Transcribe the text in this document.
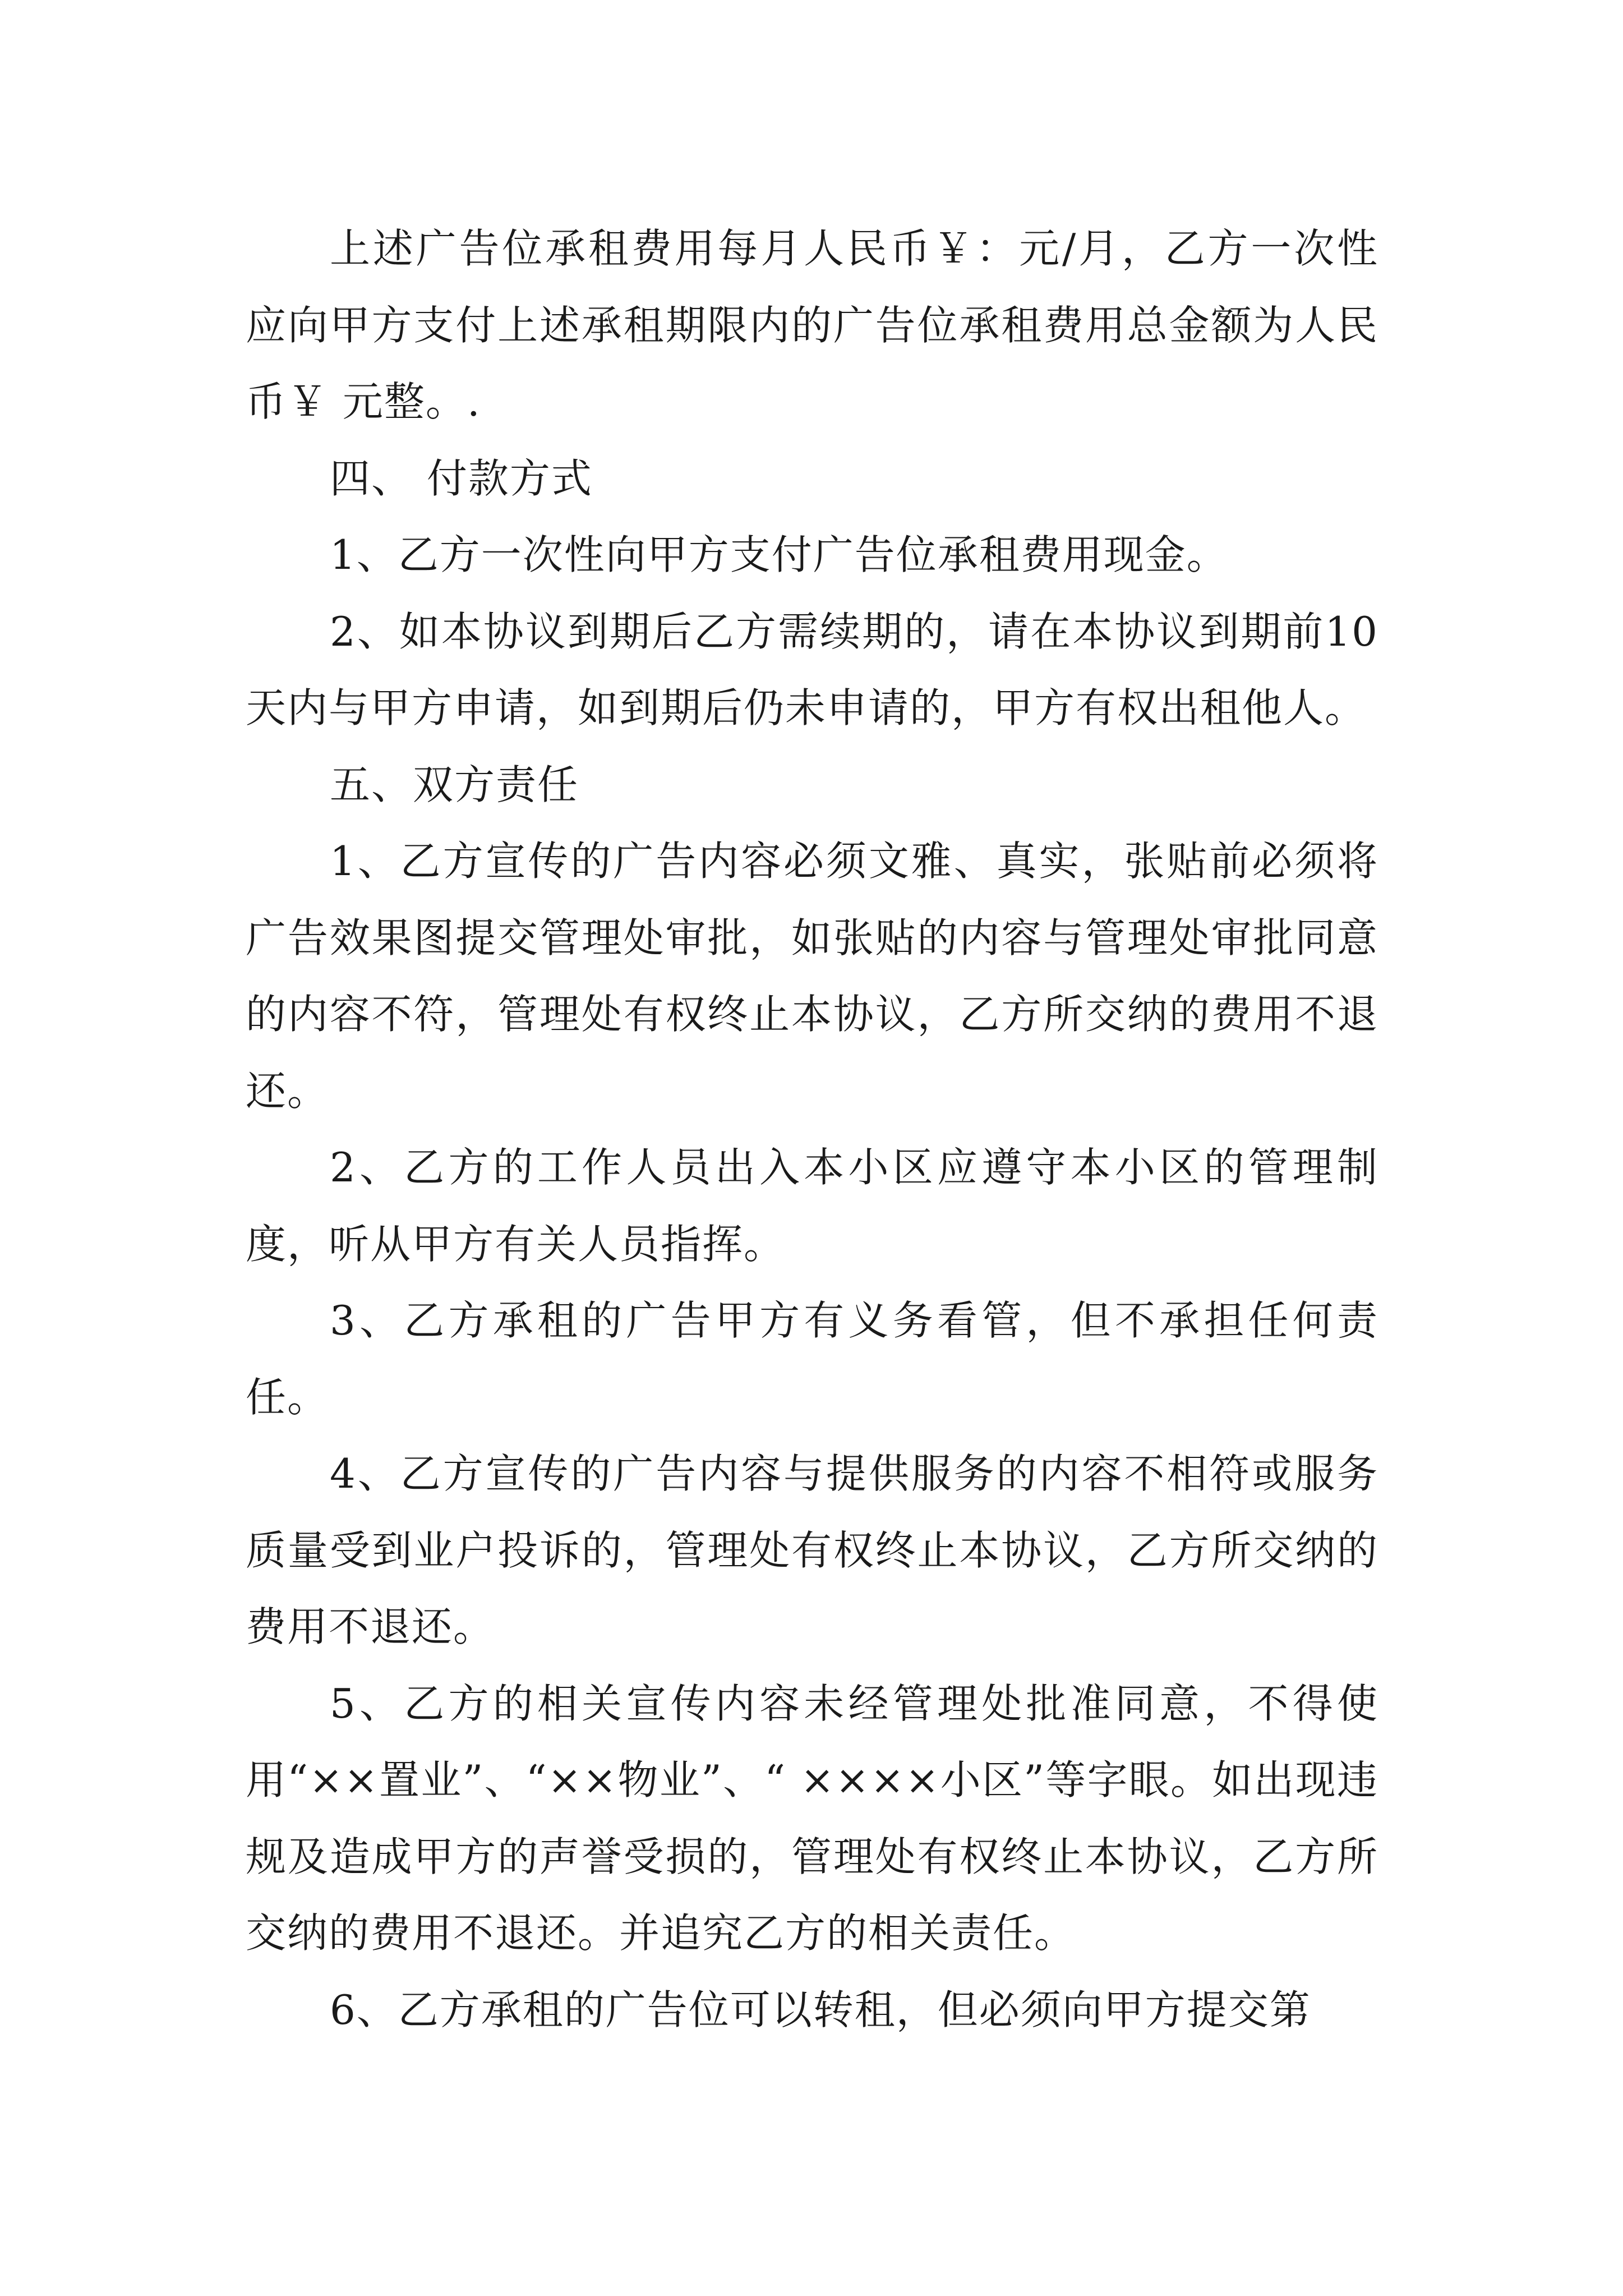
上述广告位承租费用每月人民币￥：元/月，乙方一次性应向甲方支付上述承租期限内的广告位承租费用总金额为人民币￥ 元整。.

四、 付款方式

1、乙方一次性向甲方支付广告位承租费用现金。

2、如本协议到期后乙方需续期的，请在本协议到期前10天内与甲方申请，如到期后仍未申请的，甲方有权出租他人。

五、双方责任

1、乙方宣传的广告内容必须文雅、真实，张贴前必须将广告效果图提交管理处审批，如张贴的内容与管理处审批同意的内容不符，管理处有权终止本协议，乙方所交纳的费用不退还。

2、乙方的工作人员出入本小区应遵守本小区的管理制度，听从甲方有关人员指挥。

3、乙方承租的广告甲方有义务看管，但不承担任何责任。

4、乙方宣传的广告内容与提供服务的内容不相符或服务质量受到业户投诉的，管理处有权终止本协议，乙方所交纳的费用不退还。

5、乙方的相关宣传内容未经管理处批准同意，不得使用“××置业”、“××物业”、“ ××××小区”等字眼。如出现违规及造成甲方的声誉受损的，管理处有权终止本协议，乙方所交纳的费用不退还。并追究乙方的相关责任。

6、乙方承租的广告位可以转租，但必须向甲方提交第
